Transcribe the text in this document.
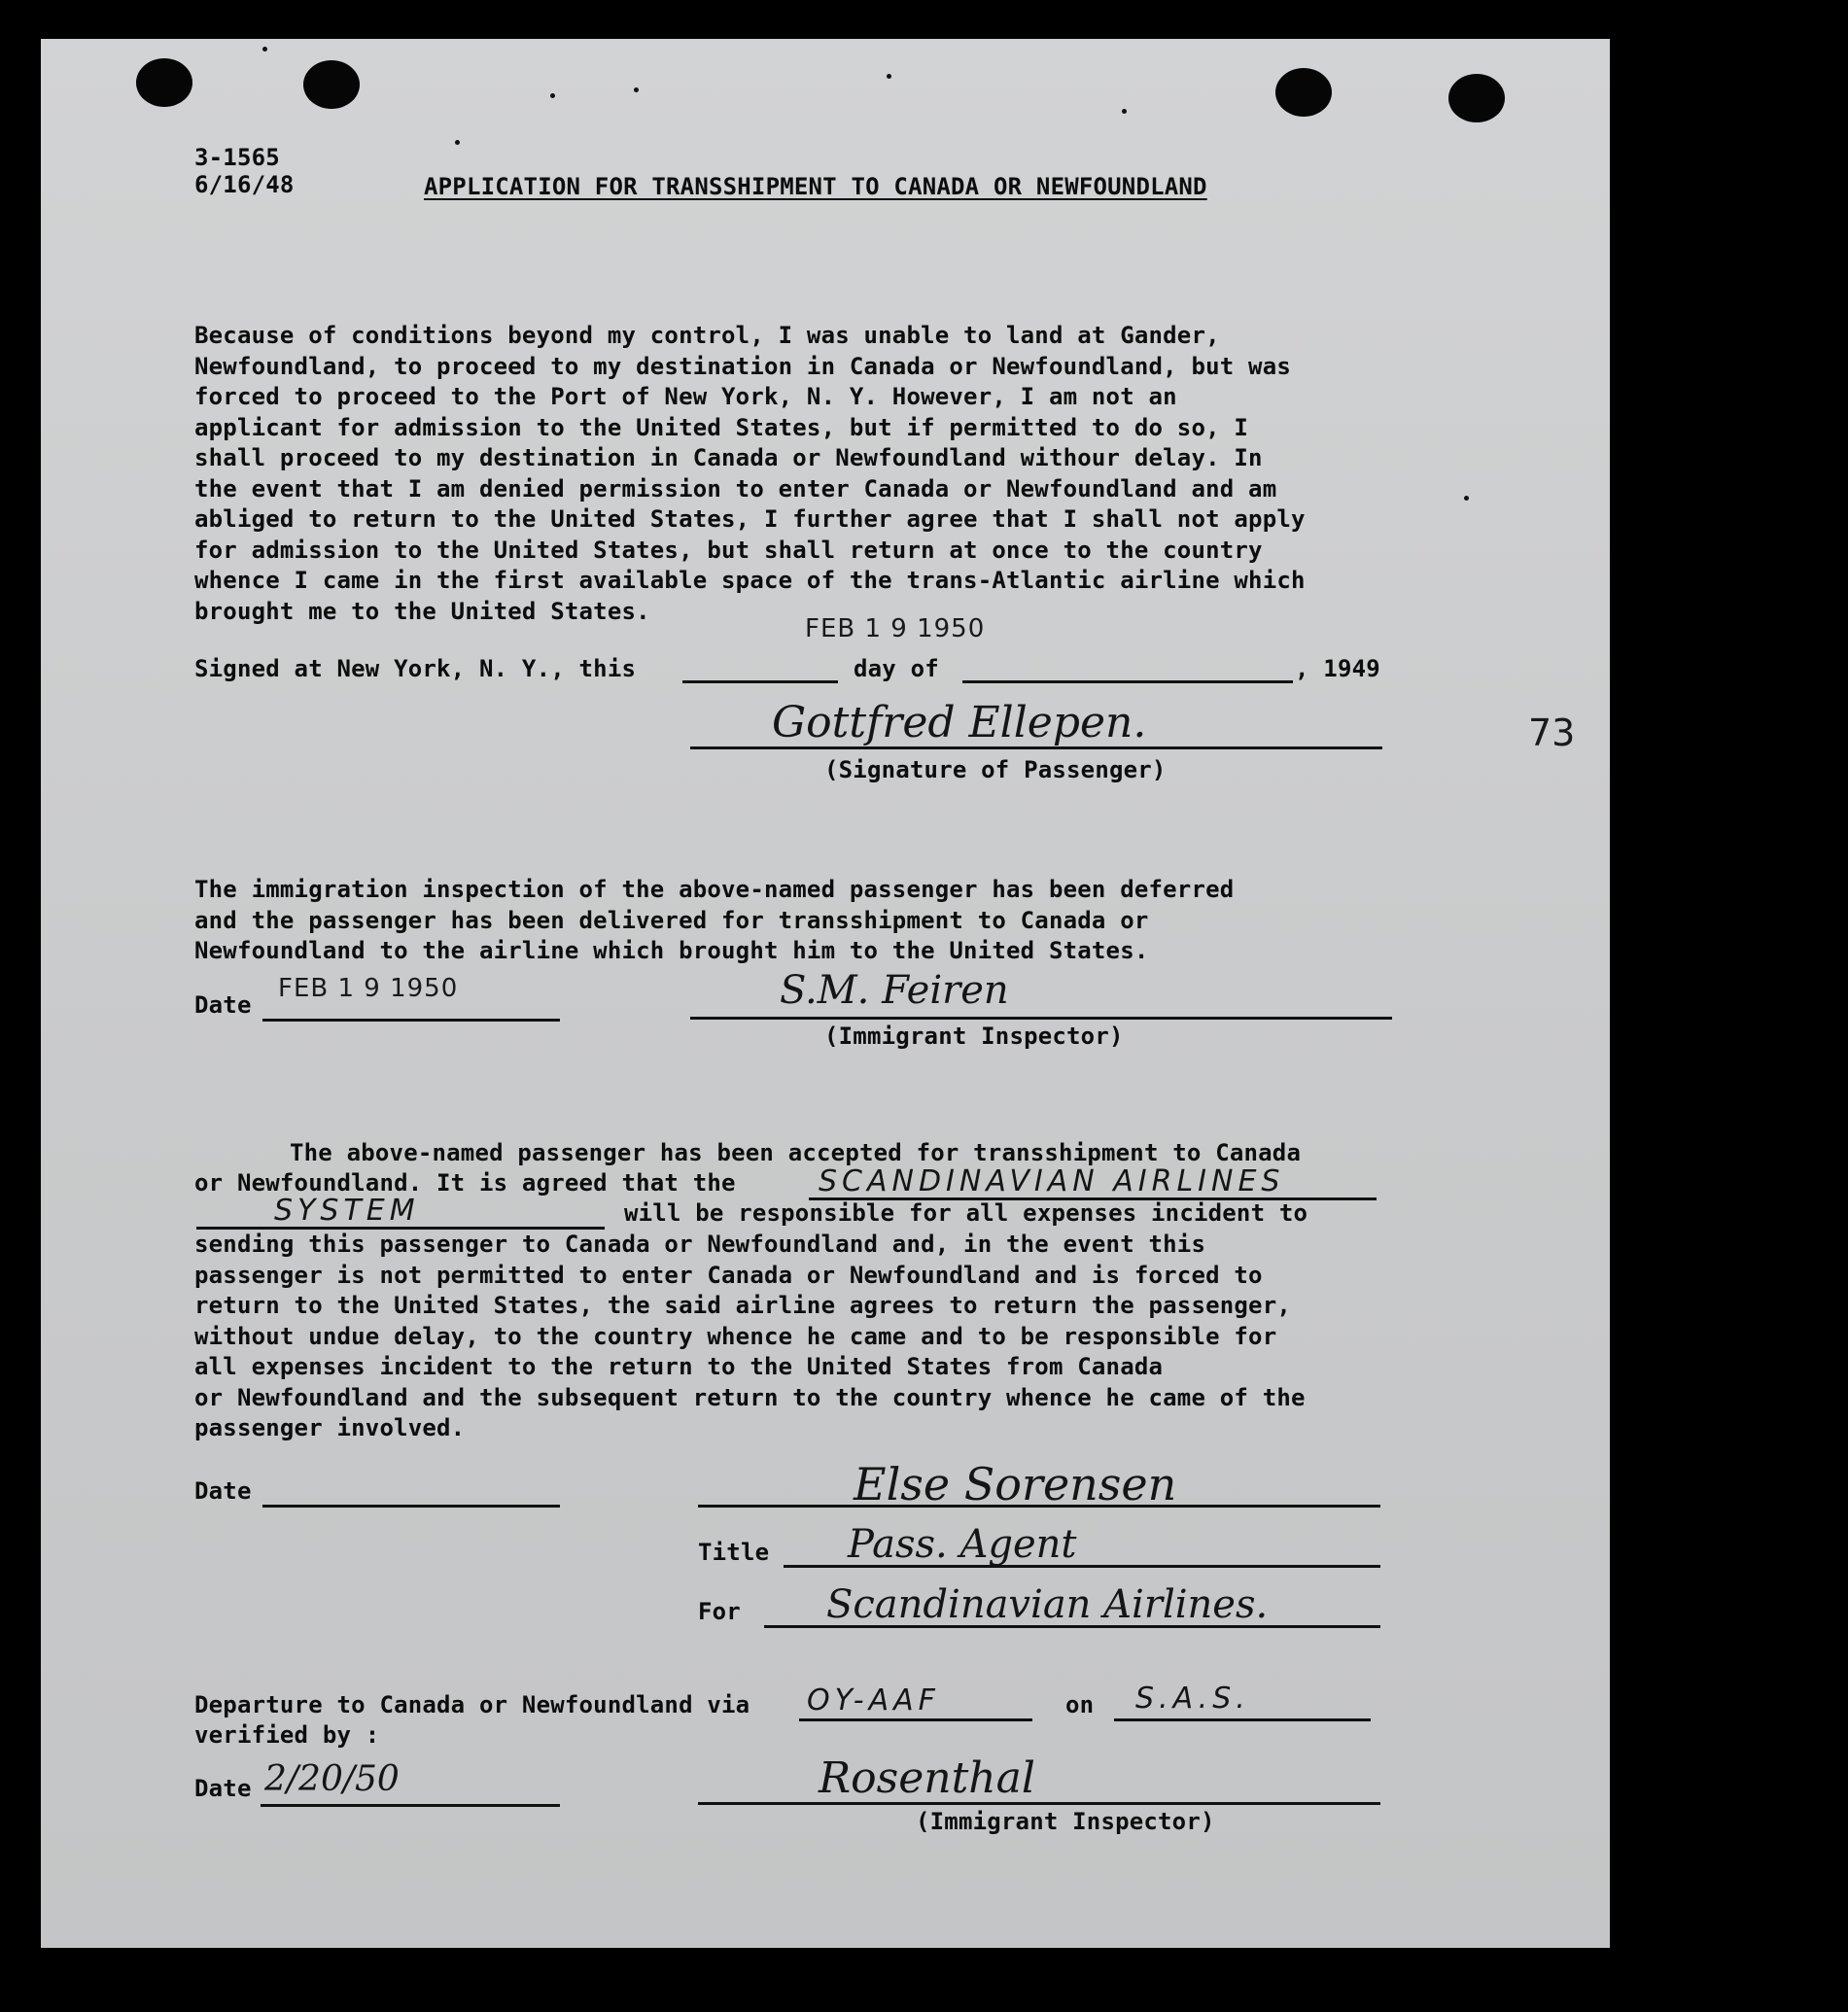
3-1565
6/16/48	APPLICATION FOR TRANSSHIPMENT TO CANADA OR NEWFOUNDLAND

Because of conditions beyond my control, I was unable to land at Gander,
Newfoundland, to proceed to my destination in Canada or Newfoundland, but was
forced to proceed to the Port of New York, N. Y. However, I am not an
applicant for admission to the United States, but if permitted to do so, I
shall proceed to my destination in Canada or Newfoundland withour delay. In
the event that I am denied permission to enter Canada or Newfoundland and am
abliged to return to the United States, I further agree that I shall not apply
for admission to the United States, but shall return at once to the country
whence I came in the first available space of the trans-Atlantic airline which
brought me to the United States.

FEB 1 9 1950
Signed at New York, N. Y., this	day of	, 1949
Gottfred Ellepen.
(Signature of Passenger)
73

The immigration inspection of the above-named passenger has been deferred
and the passenger has been delivered for transshipment to Canada or
Newfoundland to the airline which brought him to the United States.

Date
FEB 1 9 1950	S.M. Feiren
(Immigrant Inspector)
The above-named passenger has been accepted for transshipment to Canada
or Newfoundland. It is agreed that the	SCANDINAVIAN AIRLINES
SYSTEM	will be responsible for all expenses incident to

sending this passenger to Canada or Newfoundland and, in the event this
passenger is not permitted to enter Canada or Newfoundland and is forced to
return to the United States, the said airline agrees to return the passenger,
without undue delay, to the country whence he came and to be responsible for
all expenses incident to the return to the United States from Canada
or Newfoundland and the subsequent return to the country whence he came of the
passenger involved.

Date	Else Sorensen
Title Pass. Agent
For Scandinavian Airlines.
Departure to Canada or Newfoundland via OY-AAF	on S.A.S.
verified by :
Date 2/20/50	Rosenthal
(Immigrant Inspector)
